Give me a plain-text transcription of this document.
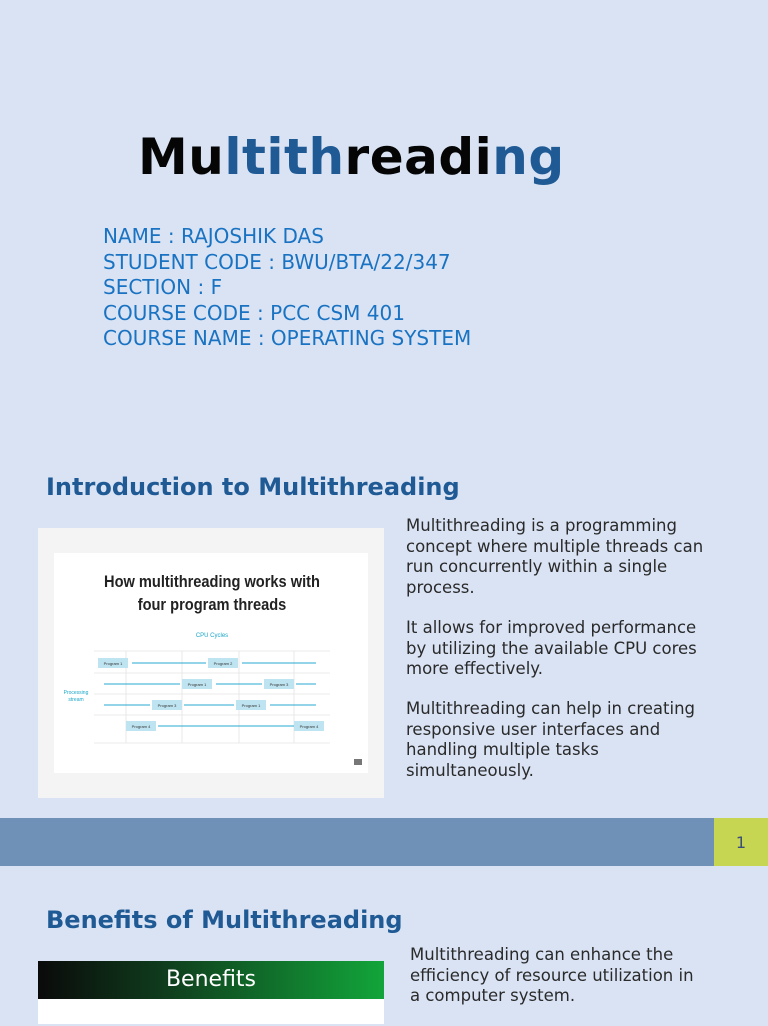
Multithreading
NAME : RAJOSHIK DAS
STUDENT CODE : BWU/BTA/22/347
SECTION : F
COURSE CODE : PCC CSM 401
COURSE NAME : OPERATING SYSTEM
Introduction to Multithreading
How multithreading works with
four program threads
CPU Cycles
Processing
stream
Program 1	Program 2
Program 1	Program 3
Program 3	Program 1
Program 4	Program 4

Multithreading is a programming concept where multiple threads can run concurrently within a single process.

It allows for improved performance by utilizing the available CPU cores more effectively.

Multithreading can help in creating responsive user interfaces and handling multiple tasks simultaneously.

1
Benefits of Multithreading
Benefits

Multithreading can enhance the efficiency of resource utilization in a computer system.
